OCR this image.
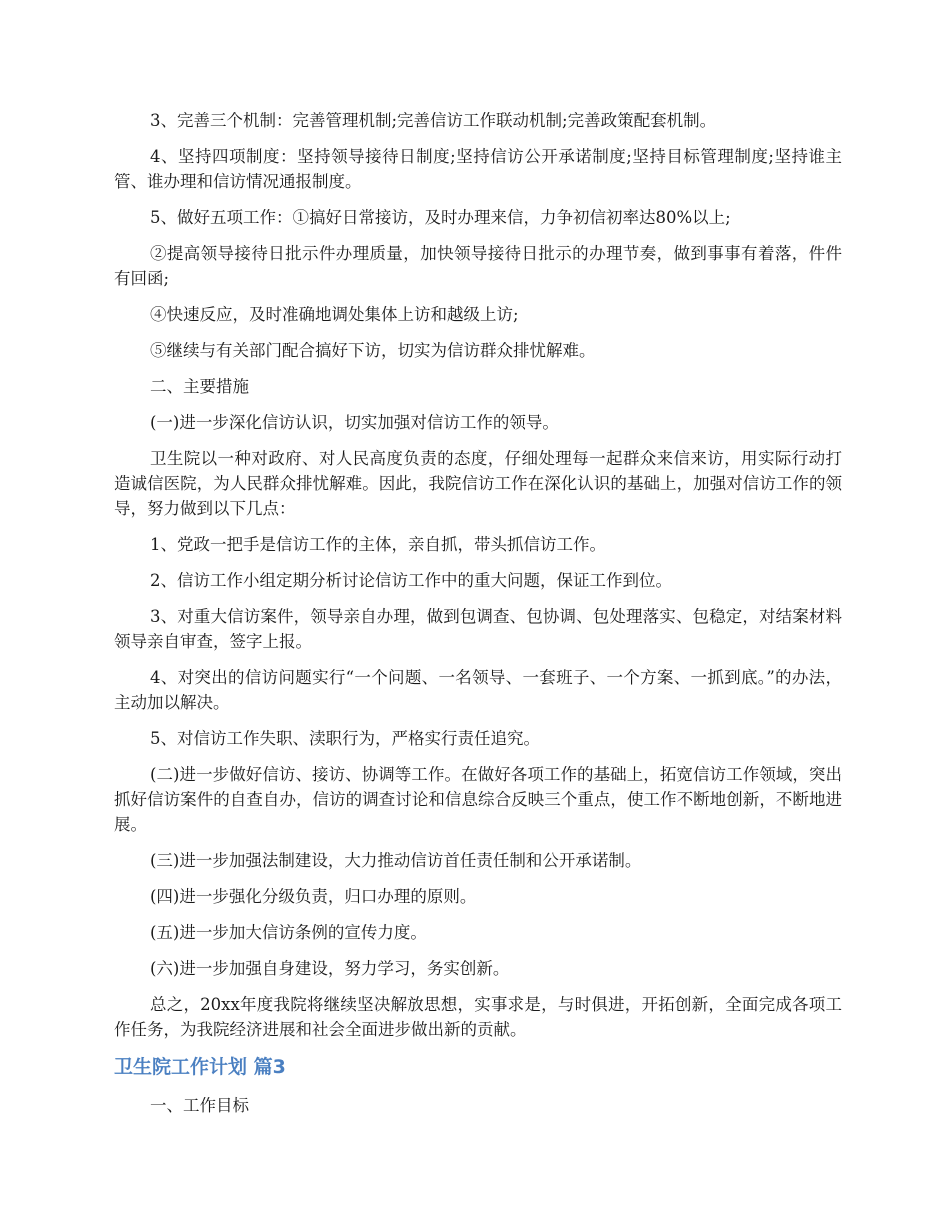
3、完善三个机制：完善管理机制;完善信访工作联动机制;完善政策配套机制。

4、坚持四项制度：坚持领导接待日制度;坚持信访公开承诺制度;坚持目标管理制度;坚持谁主管、谁办理和信访情况通报制度。

5、做好五项工作：①搞好日常接访，及时办理来信，力争初信初率达80%以上;

②提高领导接待日批示件办理质量，加快领导接待日批示的办理节奏，做到事事有着落，件件有回函;

④快速反应，及时准确地调处集体上访和越级上访;

⑤继续与有关部门配合搞好下访，切实为信访群众排忧解难。

二、主要措施

(一)进一步深化信访认识，切实加强对信访工作的领导。

卫生院以一种对政府、对人民高度负责的态度，仔细处理每一起群众来信来访，用实际行动打造诚信医院，为人民群众排忧解难。因此，我院信访工作在深化认识的基础上，加强对信访工作的领导，努力做到以下几点：

1、党政一把手是信访工作的主体，亲自抓，带头抓信访工作。

2、信访工作小组定期分析讨论信访工作中的重大问题，保证工作到位。

3、对重大信访案件，领导亲自办理，做到包调查、包协调、包处理落实、包稳定，对结案材料领导亲自审查，签字上报。

4、对突出的信访问题实行“一个问题、一名领导、一套班子、一个方案、一抓到底。”的办法，主动加以解决。

5、对信访工作失职、渎职行为，严格实行责任追究。

(二)进一步做好信访、接访、协调等工作。在做好各项工作的基础上，拓宽信访工作领域，突出抓好信访案件的自查自办，信访的调查讨论和信息综合反映三个重点，使工作不断地创新，不断地进展。

(三)进一步加强法制建设，大力推动信访首任责任制和公开承诺制。

(四)进一步强化分级负责，归口办理的原则。

(五)进一步加大信访条例的宣传力度。

(六)进一步加强自身建设，努力学习，务实创新。

总之，20xx年度我院将继续坚决解放思想，实事求是，与时俱进，开拓创新，全面完成各项工作任务，为我院经济进展和社会全面进步做出新的贡献。

卫生院工作计划 篇3

一、工作目标
